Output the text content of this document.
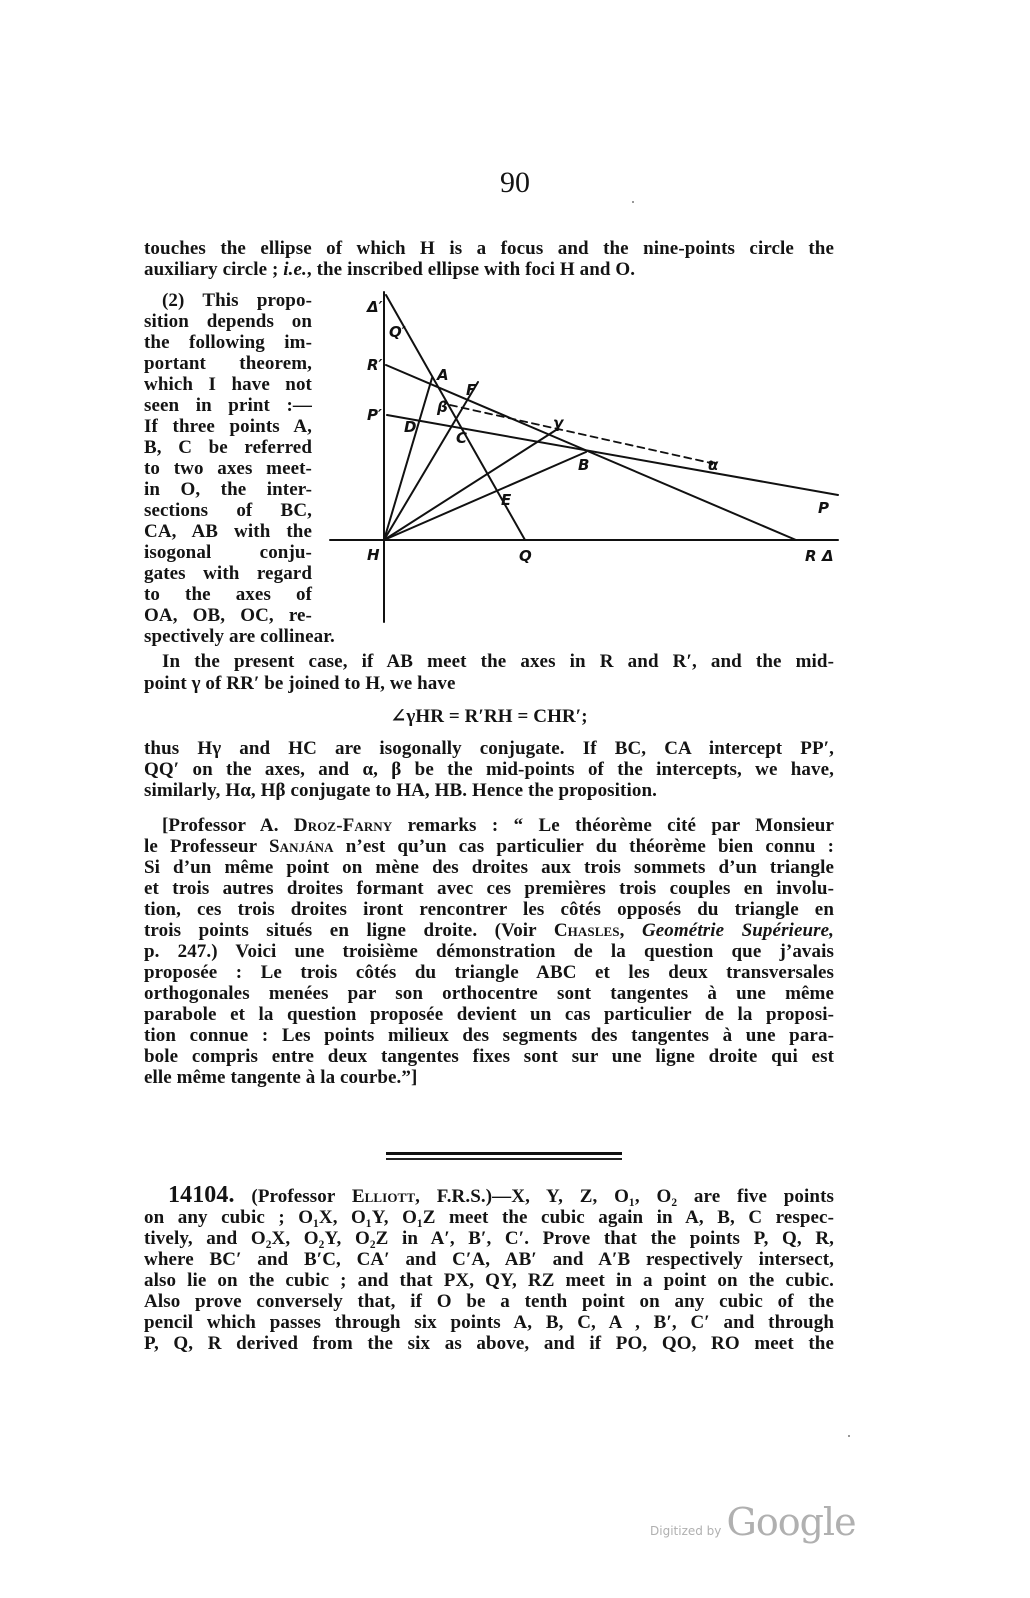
90
touches the ellipse of which H is a focus and the nine-points circle the
auxiliary circle ; i.e., the inscribed ellipse with foci H and O.
(2) This propo-
sition depends on
the following im-
portant theorem,
which I have not
seen in print :—
If three points A,
B, C be referred
to two axes meet-
in O, the inter-
sections of BC,
CA, AB with the
isogonal conju-
gates with regard
to the axes of
OA, OB, OC, re-
spectively are collinear.
Δ′
Q′
R′
A
F
β
P′
D
C
γ
B	α
P
E
H	Q	R Δ
In the present case, if AB meet the axes in R and R′, and the mid-
point γ of RR′ be joined to H, we have
∠γHR = R′RH = CHR′;
thus Hγ and HC are isogonally conjugate. If BC, CA intercept PP′,
QQ′ on the axes, and α, β be the mid-points of the intercepts, we have,
similarly, Hα, Hβ conjugate to HA, HB. Hence the proposition.
[Professor A. Droz-Farny remarks : “ Le théorème cité par Monsieur
le Professeur Sanjána n’est qu’un cas particulier du théorème bien connu :
Si d’un même point on mène des droites aux trois sommets d’un triangle
et trois autres droites formant avec ces premières trois couples en involu-
tion, ces trois droites iront rencontrer les côtés opposés du triangle en
trois points situés en ligne droite. (Voir Chasles, Geométrie Supérieure,
p. 247.) Voici une troisième démonstration de la question que j’avais
proposée : Le trois côtés du triangle ABC et les deux transversales
orthogonales menées par son orthocentre sont tangentes à une même
parabole et la question proposée devient un cas particulier de la proposi-
tion connue : Les points milieux des segments des tangentes à une para-
bole compris entre deux tangentes fixes sont sur une ligne droite qui est
elle même tangente à la courbe.”]
14104. (Professor Elliott, F.R.S.)—X, Y, Z, O₁, O₂ are five points
on any cubic ; O₁X, O₁Y, O₁Z meet the cubic again in A, B, C respec-
tively, and O₂X, O₂Y, O₂Z in A′, B′, C′. Prove that the points P, Q, R,
where BC′ and B′C, CA′ and C′A, AB′ and A′B respectively intersect,
also lie on the cubic ; and that PX, QY, RZ meet in a point on the cubic.
Also prove conversely that, if O be a tenth point on any cubic of the
pencil which passes through six points A, B, C, A , B′, C′ and through
P, Q, R derived from the six as above, and if PO, QO, RO meet the
Digitized by Google
